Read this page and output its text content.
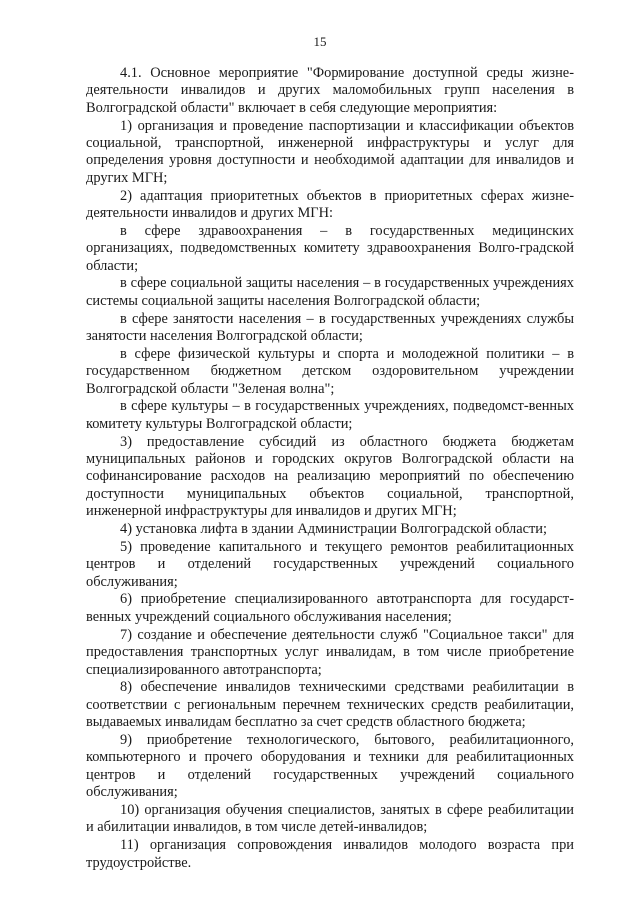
15

4.1. Основное мероприятие "Формирование доступной среды жизне-деятельности инвалидов и других маломобильных групп населения в Волгоградской области" включает в себя следующие мероприятия:

1) организация и проведение паспортизации и классификации объектов социальной, транспортной, инженерной инфраструктуры и услуг для определения уровня доступности и необходимой адаптации для инвалидов и других МГН;

2) адаптация приоритетных объектов в приоритетных сферах жизне-деятельности инвалидов и других МГН:

в сфере здравоохранения – в государственных медицинских организациях, подведомственных комитету здравоохранения Волго-градской области;

в сфере социальной защиты населения – в государственных учреждениях системы социальной защиты населения Волгоградской области;

в сфере занятости населения – в государственных учреждениях службы занятости населения Волгоградской области;

в сфере физической культуры и спорта и молодежной политики – в государственном бюджетном детском оздоровительном учреждении Волгоградской области "Зеленая волна";

в сфере культуры – в государственных учреждениях, подведомст-венных комитету культуры Волгоградской области;

3) предоставление субсидий из областного бюджета бюджетам муниципальных районов и городских округов Волгоградской области на софинансирование расходов на реализацию мероприятий по обеспечению доступности муниципальных объектов социальной, транспортной, инженерной инфраструктуры для инвалидов и других МГН;

4) установка лифта в здании Администрации Волгоградской области;

5) проведение капитального и текущего ремонтов реабилитационных центров и отделений государственных учреждений социального обслуживания;

6) приобретение специализированного автотранспорта для государст-венных учреждений социального обслуживания населения;

7) создание и обеспечение деятельности служб "Социальное такси" для предоставления транспортных услуг инвалидам, в том числе приобретение специализированного автотранспорта;

8) обеспечение инвалидов техническими средствами реабилитации в соответствии с региональным перечнем технических средств реабилитации, выдаваемых инвалидам бесплатно за счет средств областного бюджета;

9) приобретение технологического, бытового, реабилитационного, компьютерного и прочего оборудования и техники для реабилитационных центров и отделений государственных учреждений социального обслуживания;

10) организация обучения специалистов, занятых в сфере реабилитации и абилитации инвалидов, в том числе детей-инвалидов;

11) организация сопровождения инвалидов молодого возраста при трудоустройстве.
